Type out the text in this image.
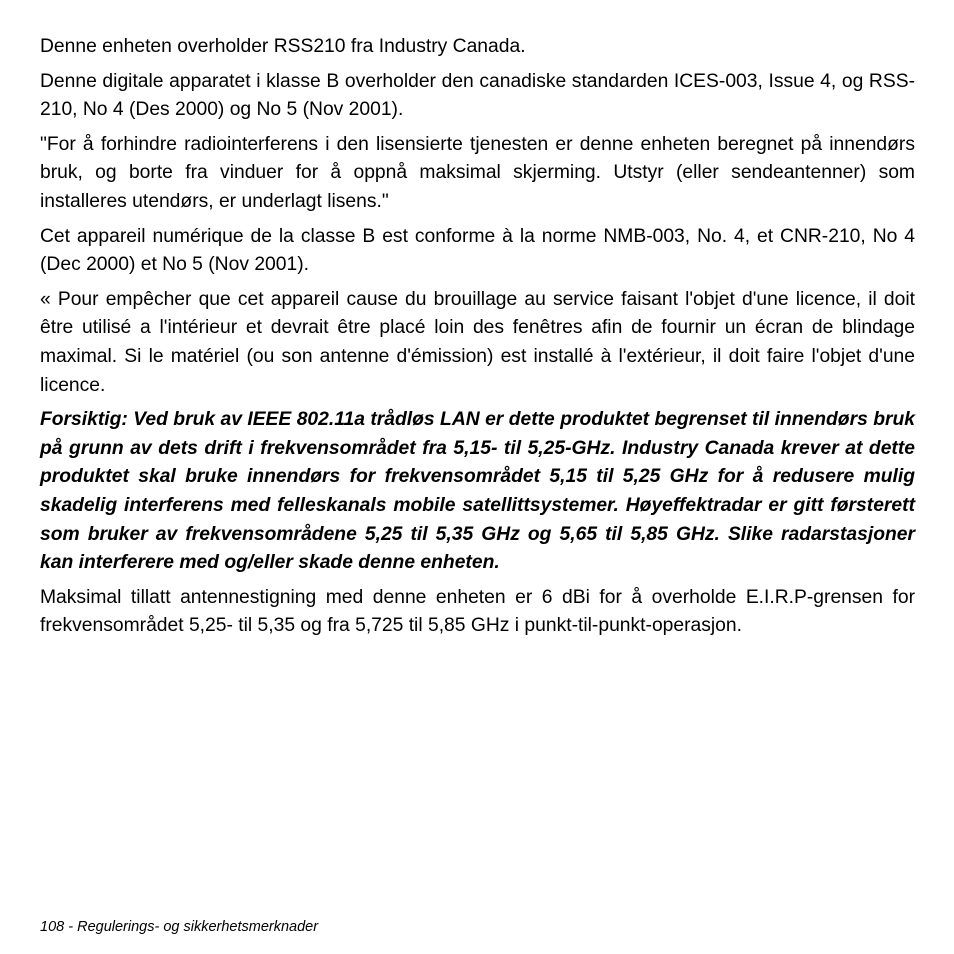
Denne enheten overholder RSS210 fra Industry Canada.

Denne digitale apparatet i klasse B overholder den canadiske standarden ICES-003, Issue 4, og RSS-210, No 4 (Des 2000) og No 5 (Nov 2001).

"For å forhindre radiointerferens i den lisensierte tjenesten er denne enheten beregnet på innendørs bruk, og borte fra vinduer for å oppnå maksimal skjerming. Utstyr (eller sendeantenner) som installeres utendørs, er underlagt lisens."

Cet appareil numérique de la classe B est conforme à la norme NMB-003, No. 4, et CNR-210, No 4 (Dec 2000) et No 5 (Nov 2001).

« Pour empêcher que cet appareil cause du brouillage au service faisant l'objet d'une licence, il doit être utilisé a l'intérieur et devrait être placé loin des fenêtres afin de fournir un écran de blindage maximal. Si le matériel (ou son antenne d'émission) est installé à l'extérieur, il doit faire l'objet d'une licence.

Forsiktig: Ved bruk av IEEE 802.11a trådløs LAN er dette produktet begrenset til innendørs bruk på grunn av dets drift i frekvensområdet fra 5,15- til 5,25-GHz. Industry Canada krever at dette produktet skal bruke innendørs for frekvensområdet 5,15 til 5,25 GHz for å redusere mulig skadelig interferens med felleskanals mobile satellittsystemer. Høyeffektradar er gitt førsterett som bruker av frekvensområdene 5,25 til 5,35 GHz og 5,65 til 5,85 GHz. Slike radarstasjoner kan interferere med og/eller skade denne enheten.

Maksimal tillatt antennestigning med denne enheten er 6 dBi for å overholde E.I.R.P-grensen for frekvensområdet 5,25- til 5,35 og fra 5,725 til 5,85 GHz i punkt-til-punkt-operasjon.

108 - Regulerings- og sikkerhetsmerknader
